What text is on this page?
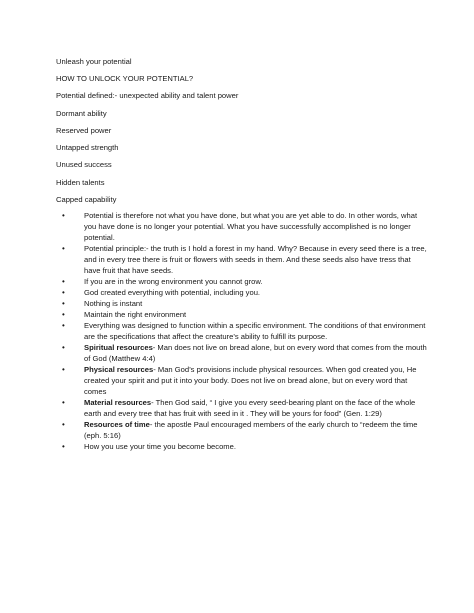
Unleash your potential

HOW TO UNLOCK YOUR POTENTIAL?

Potential defined:- unexpected ability and talent power

Dormant ability

Reserved power

Untapped strength

Unused success

Hidden talents

Capped capability

•	Potential is therefore not what you have done, but what you are yet able to do. In other words, what you have done is no longer your potential. What you have successfully accomplished is no longer potential.
•	Potential principle:- the truth is I hold a forest in my hand. Why? Because in every seed there is a tree, and in every tree there is fruit or flowers with seeds in them. And these seeds also have tress that have fruit that have seeds.
•	If you are in the wrong environment you cannot grow.
•	God created everything with potential, including you.
•	Nothing is instant
•	Maintain the right environment
•	Everything was designed to function within a specific environment. The conditions of that environment are the specifications that affect the creature’s ability to fulfill its purpose.
•	Spiritual resources- Man does not live on bread alone, but on every word that comes from the mouth of God (Matthew 4:4)
•	Physical resources- Man God’s provisions include physical resources. When god created you, He created your spirit and put it into your body. Does not live on bread alone, but on every word that comes
•	Material resources- Then God said, “ I give you every seed-bearing plant on the face of the whole earth and every tree that has fruit with seed in it . They will be yours for food” (Gen. 1:29)
•	Resources of time- the apostle Paul encouraged members of the early church to “redeem the time (eph. 5:16)
•	How you use your time you become become.
